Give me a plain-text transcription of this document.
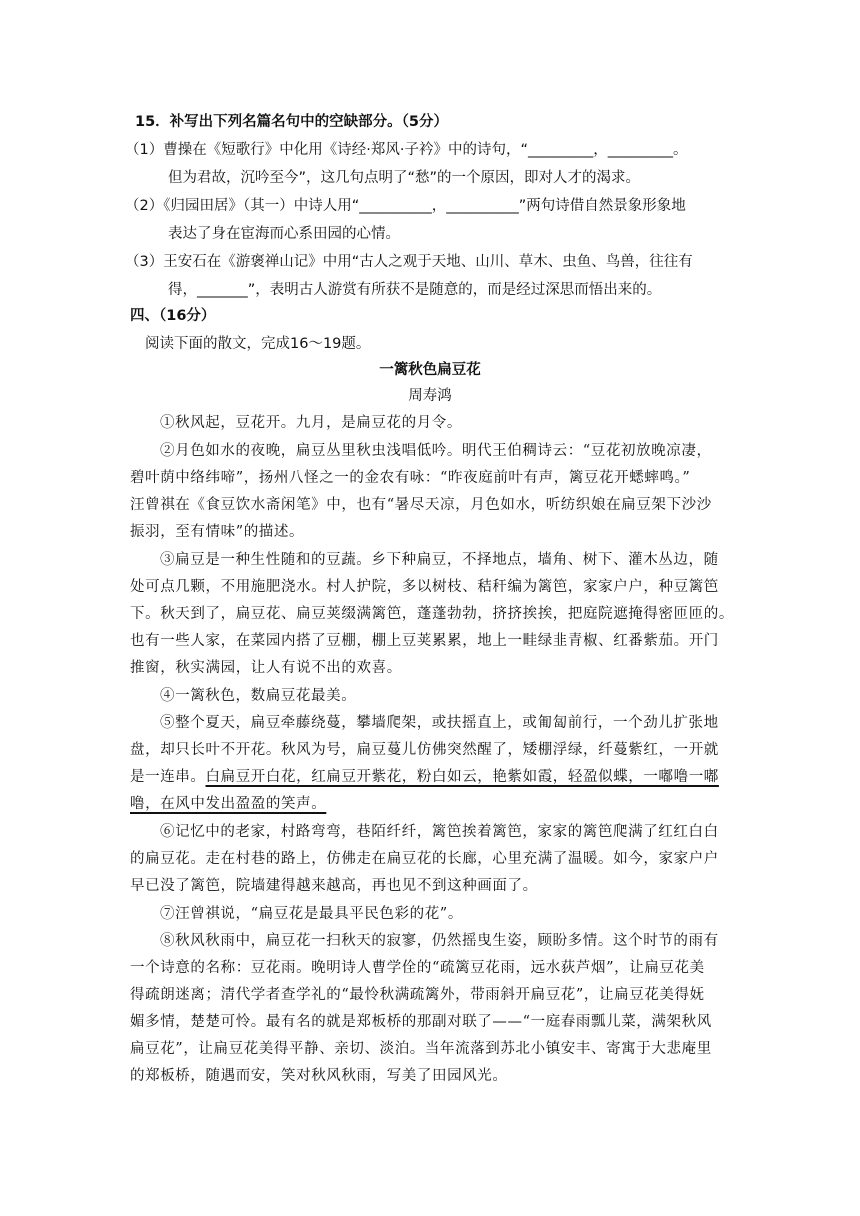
15．补写出下列名篇名句中的空缺部分。（5分）
（1）曹操在《短歌行》中化用《诗经·郑风·子衿》中的诗句，“_________，_________。
但为君故，沉吟至今”，这几句点明了“愁”的一个原因，即对人才的渴求。
（2）《归园田居》（其一）中诗人用“__________，__________”两句诗借自然景象形象地
表达了身在宦海而心系田园的心情。
（3）王安石在《游褒禅山记》中用“古人之观于天地、山川、草木、虫鱼、鸟兽，往往有
得，_______”，表明古人游赏有所获不是随意的，而是经过深思而悟出来的。
四、（16分）
阅读下面的散文，完成16～19题。
一篱秋色扁豆花
周寿鸿
①秋风起，豆花开。九月，是扁豆花的月令。
②月色如水的夜晚，扁豆丛里秋虫浅唱低吟。明代王伯稠诗云：“豆花初放晚凉凄，
碧叶荫中络纬啼”，扬州八怪之一的金农有咏：“昨夜庭前叶有声，篱豆花开蟋蟀鸣。”
汪曾祺在《食豆饮水斋闲笔》中，也有“暑尽天凉，月色如水，听纺织娘在扁豆架下沙沙
振羽，至有情味”的描述。
③扁豆是一种生性随和的豆蔬。乡下种扁豆，不择地点，墙角、树下、灌木丛边，随
处可点几颗，不用施肥浇水。村人护院，多以树枝、秸秆编为篱笆，家家户户，种豆篱笆
下。秋天到了，扁豆花、扁豆荚缀满篱笆，蓬蓬勃勃，挤挤挨挨，把庭院遮掩得密匝匝的。
也有一些人家，在菜园内搭了豆棚，棚上豆荚累累，地上一畦绿韭青椒、红番紫茄。开门
推窗，秋实满园，让人有说不出的欢喜。
④一篱秋色，数扁豆花最美。
⑤整个夏天，扁豆牵藤绕蔓，攀墙爬架，或扶摇直上，或匍匐前行，一个劲儿扩张地
盘，却只长叶不开花。秋风为号，扁豆蔓儿仿佛突然醒了，矮棚浮绿，纤蔓紫红，一开就
是一连串。白扁豆开白花，红扁豆开紫花，粉白如云，艳紫如霞，轻盈似蝶，一嘟噜一嘟
噜，在风中发出盈盈的笑声。
⑥记忆中的老家，村路弯弯，巷陌纤纤，篱笆挨着篱笆，家家的篱笆爬满了红红白白
的扁豆花。走在村巷的路上，仿佛走在扁豆花的长廊，心里充满了温暖。如今，家家户户
早已没了篱笆，院墙建得越来越高，再也见不到这种画面了。
⑦汪曾祺说，“扁豆花是最具平民色彩的花”。
⑧秋风秋雨中，扁豆花一扫秋天的寂寥，仍然摇曳生姿，顾盼多情。这个时节的雨有
一个诗意的名称：豆花雨。晚明诗人曹学佺的“疏篱豆花雨，远水荻芦烟”，让扁豆花美
得疏朗迷离；清代学者查学礼的“最怜秋满疏篱外，带雨斜开扁豆花”，让扁豆花美得妩
媚多情，楚楚可怜。最有名的就是郑板桥的那副对联了——“一庭春雨瓢儿菜，满架秋风
扁豆花”，让扁豆花美得平静、亲切、淡泊。当年流落到苏北小镇安丰、寄寓于大悲庵里
的郑板桥，随遇而安，笑对秋风秋雨，写美了田园风光。
